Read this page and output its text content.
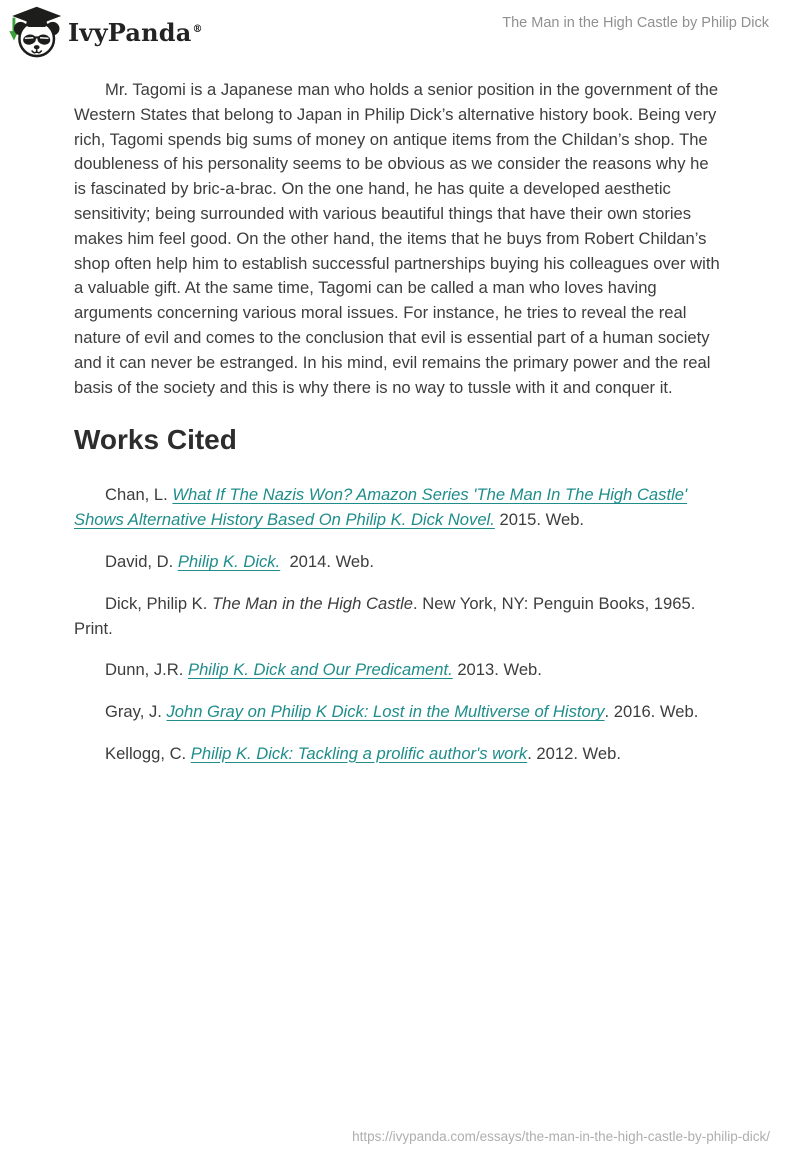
IvyPanda®	The Man in the High Castle by Philip Dick

Mr. Tagomi is a Japanese man who holds a senior position in the government of the Western States that belong to Japan in Philip Dick’s alternative history book. Being very rich, Tagomi spends big sums of money on antique items from the Childan’s shop. The doubleness of his personality seems to be obvious as we consider the reasons why he is fascinated by bric-a-brac. On the one hand, he has quite a developed aesthetic sensitivity; being surrounded with various beautiful things that have their own stories makes him feel good. On the other hand, the items that he buys from Robert Childan’s shop often help him to establish successful partnerships buying his colleagues over with a valuable gift. At the same time, Tagomi can be called a man who loves having arguments concerning various moral issues. For instance, he tries to reveal the real nature of evil and comes to the conclusion that evil is essential part of a human society and it can never be estranged. In his mind, evil remains the primary power and the real basis of the society and this is why there is no way to tussle with it and conquer it.

Works Cited

Chan, L. What If The Nazis Won? Amazon Series 'The Man In The High Castle' Shows Alternative History Based On Philip K. Dick Novel. 2015. Web.

David, D. Philip K. Dick.  2014. Web.

Dick, Philip K. The Man in the High Castle. New York, NY: Penguin Books, 1965. Print.

Dunn, J.R. Philip K. Dick and Our Predicament. 2013. Web.

Gray, J. John Gray on Philip K Dick: Lost in the Multiverse of History. 2016. Web.

Kellogg, C. Philip K. Dick: Tackling a prolific author's work. 2012. Web.

https://ivypanda.com/essays/the-man-in-the-high-castle-by-philip-dick/
